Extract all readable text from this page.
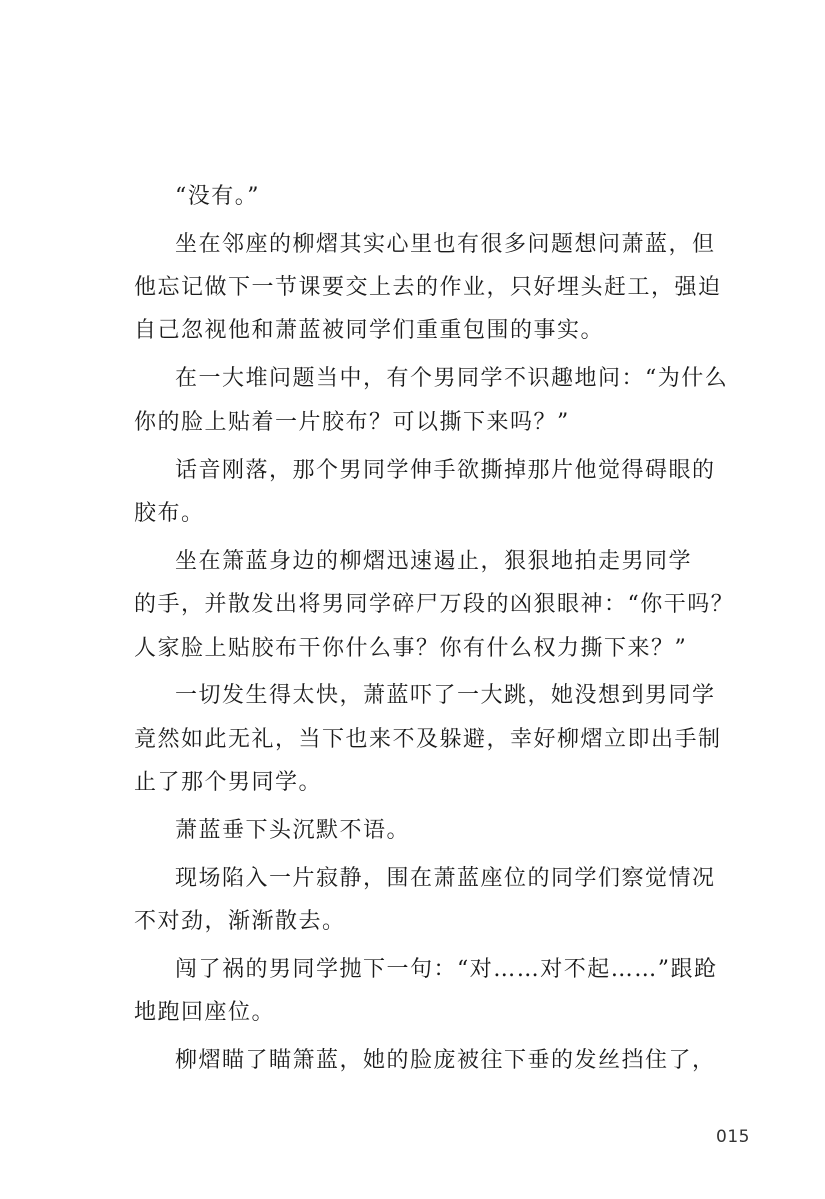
“没有。”
坐在邻座的柳熠其实心里也有很多问题想问萧蓝，但
他忘记做下一节课要交上去的作业，只好埋头赶工，强迫
自己忽视他和萧蓝被同学们重重包围的事实。
在一大堆问题当中，有个男同学不识趣地问：“为什么
你的脸上贴着一片胶布？可以撕下来吗？”
话音刚落，那个男同学伸手欲撕掉那片他觉得碍眼的
胶布。
坐在箫蓝身边的柳熠迅速遏止，狠狠地拍走男同学
的手，并散发出将男同学碎尸万段的凶狠眼神：“你干吗？
人家脸上贴胶布干你什么事？你有什么权力撕下来？”
一切发生得太快，萧蓝吓了一大跳，她没想到男同学
竟然如此无礼，当下也来不及躲避，幸好柳熠立即出手制
止了那个男同学。
萧蓝垂下头沉默不语。
现场陷入一片寂静，围在萧蓝座位的同学们察觉情况
不对劲，渐渐散去。
闯了祸的男同学抛下一句：“对……对不起……”跟跄
地跑回座位。
柳熠瞄了瞄箫蓝，她的脸庞被往下垂的发丝挡住了，
015
